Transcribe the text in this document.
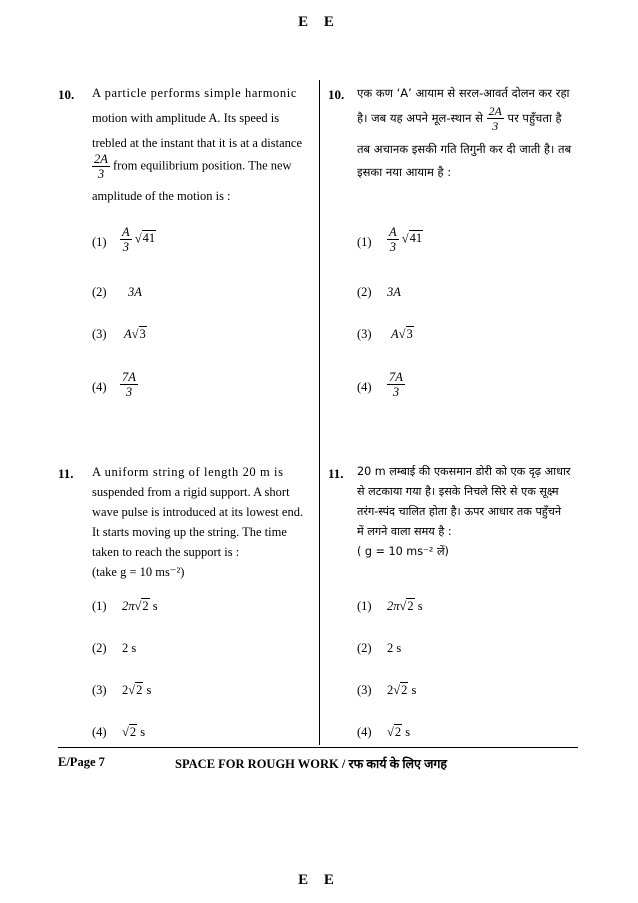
E E
10. A particle performs simple harmonic
motion with amplitude A. Its speed is
trebled at the instant that it is at a distance
$\frac{2A}{3}$ from equilibrium position. The new
amplitude of the motion is :
$(1) \frac{A}{3} √41$
(2) 3A
(3) A√3
$(4) \frac{7A}{3}$
10. एक कण ‘A’ आयाम से सरल-आवर्त दोलन कर रहा
है। जब यह अपने मूल-स्थान से $\frac{2A}{3}$ पर पहुँचता है
तब अचानक इसकी गति तिगुनी कर दी जाती है। तब
इसका नया आयाम है :
$(1) \frac{A}{3} √41$
(2) 3A
(3) A√3
$(4) \frac{7A}{3}$
11. A uniform string of length 20 m is
suspended from a rigid support. A short
wave pulse is introduced at its lowest end.
It starts moving up the string. The time
taken to reach the support is :
(take g = 10 ms⁻²)
(1) 2π√2 s
(2) 2 s
(3) 2√2 s
(4) √2 s
11. 20 m लम्बाई की एकसमान डोरी को एक दृढ़ आधार
से लटकाया गया है। इसके निचले सिरे से एक सूक्ष्म
तरंग-स्पंद चालित होता है। ऊपर आधार तक पहुँचने
में लगने वाला समय है :
( g = 10 ms⁻² लें)
(1) 2π√2 s
(2) 2 s
(3) 2√2 s
(4) √2 s
E/Page 7	SPACE FOR ROUGH WORK / रफ कार्य के लिए जगह
E E
